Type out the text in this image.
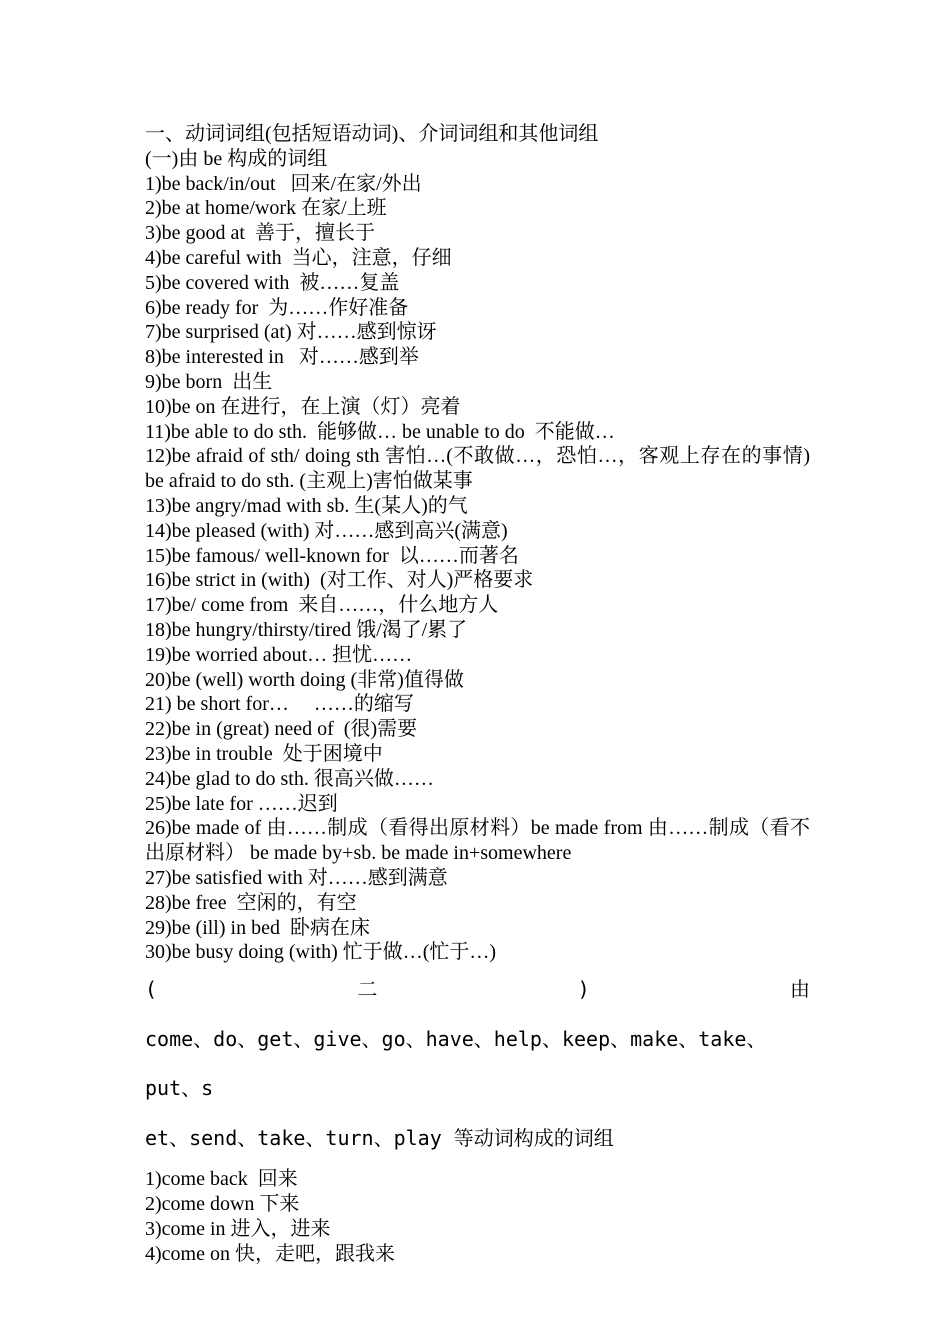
一、动词词组(包括短语动词)、介词词组和其他词组

(一)由 be 构成的词组

1)be back/in/out   回来/在家/外出

2)be at home/work 在家/上班

3)be good at  善于，擅长于

4)be careful with  当心，注意，仔细

5)be covered with  被……复盖

6)be ready for  为……作好准备

7)be surprised (at) 对……感到惊讶

8)be interested in   对……感到举

9)be born  出生

10)be on 在进行，在上演（灯）亮着

11)be able to do sth.  能够做… be unable to do  不能做…

12)be afraid of sth/ doing sth 害怕…(不敢做…，恐怕…，客观上存在的事情) be afraid to do sth. (主观上)害怕做某事

13)be angry/mad with sb. 生(某人)的气

14)be pleased (with) 对……感到高兴(满意)

15)be famous/ well-known for  以……而著名

16)be strict in (with)  (对工作、对人)严格要求

17)be/ come from  来自……，什么地方人

18)be hungry/thirsty/tired 饿/渴了/累了

19)be worried about… 担忧……

20)be (well) worth doing (非常)值得做

21) be short for…     ……的缩写

22)be in (great) need of  (很)需要

23)be in trouble  处于困境中

24)be glad to do sth. 很高兴做……

25)be late for ……迟到

26)be made of 由……制成（看得出原材料）be made from 由……制成（看不出原材料） be made by+sb. be made in+somewhere

27)be satisfied with 对……感到满意

28)be free  空闲的，有空

29)be (ill) in bed  卧病在床

30)be busy doing (with) 忙于做…(忙于…)

(	二	)	由
come、do、get、give、go、have、help、keep、make、take、put、s
et、send、take、turn、play 等动词构成的词组

1)come back  回来

2)come down 下来

3)come in 进入，进来

4)come on 快，走吧，跟我来
